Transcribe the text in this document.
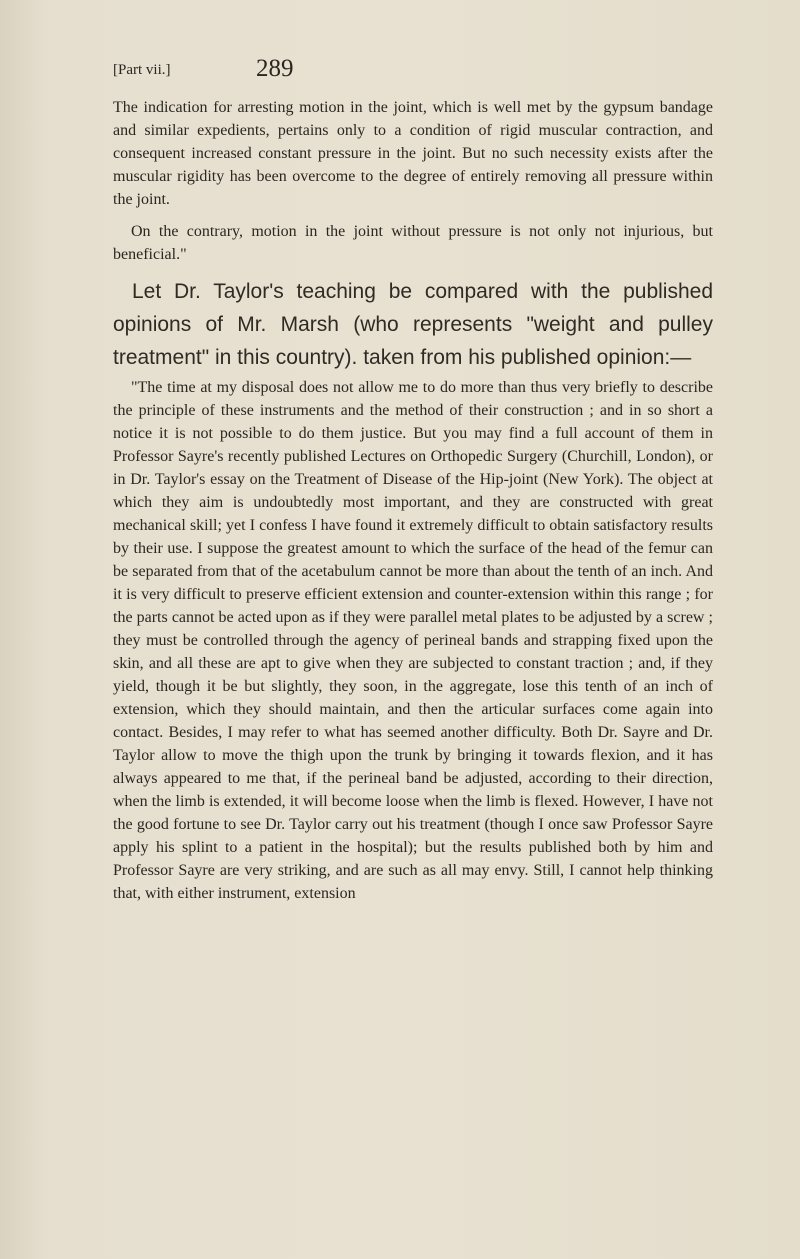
[Part vii.]	289

The indication for arresting motion in the joint, which is well met by the gypsum bandage and similar expedients, pertains only to a condition of rigid muscular contraction, and consequent increased constant pressure in the joint. But no such necessity exists after the muscular rigidity has been overcome to the degree of entirely removing all pressure within the joint.

On the contrary, motion in the joint without pressure is not only not injurious, but beneficial."

Let Dr. Taylor's teaching be compared with the published opinions of Mr. Marsh (who represents "weight and pulley treatment" in this country). taken from his published opinion:—

"The time at my disposal does not allow me to do more than thus very briefly to describe the principle of these instruments and the method of their construction ; and in so short a notice it is not possible to do them justice. But you may find a full account of them in Professor Sayre's recently published Lectures on Orthopedic Surgery (Churchill, London), or in Dr. Taylor's essay on the Treatment of Disease of the Hip-joint (New York). The object at which they aim is undoubtedly most important, and they are constructed with great mechanical skill; yet I confess I have found it extremely difficult to obtain satisfactory results by their use. I suppose the greatest amount to which the surface of the head of the femur can be separated from that of the acetabulum cannot be more than about the tenth of an inch. And it is very difficult to preserve efficient extension and counter-extension within this range ; for the parts cannot be acted upon as if they were parallel metal plates to be adjusted by a screw ; they must be controlled through the agency of perineal bands and strapping fixed upon the skin, and all these are apt to give when they are subjected to constant traction ; and, if they yield, though it be but slightly, they soon, in the aggregate, lose this tenth of an inch of extension, which they should maintain, and then the articular surfaces come again into contact. Besides, I may refer to what has seemed another difficulty. Both Dr. Sayre and Dr. Taylor allow to move the thigh upon the trunk by bringing it towards flexion, and it has always appeared to me that, if the perineal band be adjusted, according to their direction, when the limb is extended, it will become loose when the limb is flexed. However, I have not the good fortune to see Dr. Taylor carry out his treatment (though I once saw Professor Sayre apply his splint to a patient in the hospital); but the results published both by him and Professor Sayre are very striking, and are such as all may envy. Still, I cannot help thinking that, with either instrument, extension
